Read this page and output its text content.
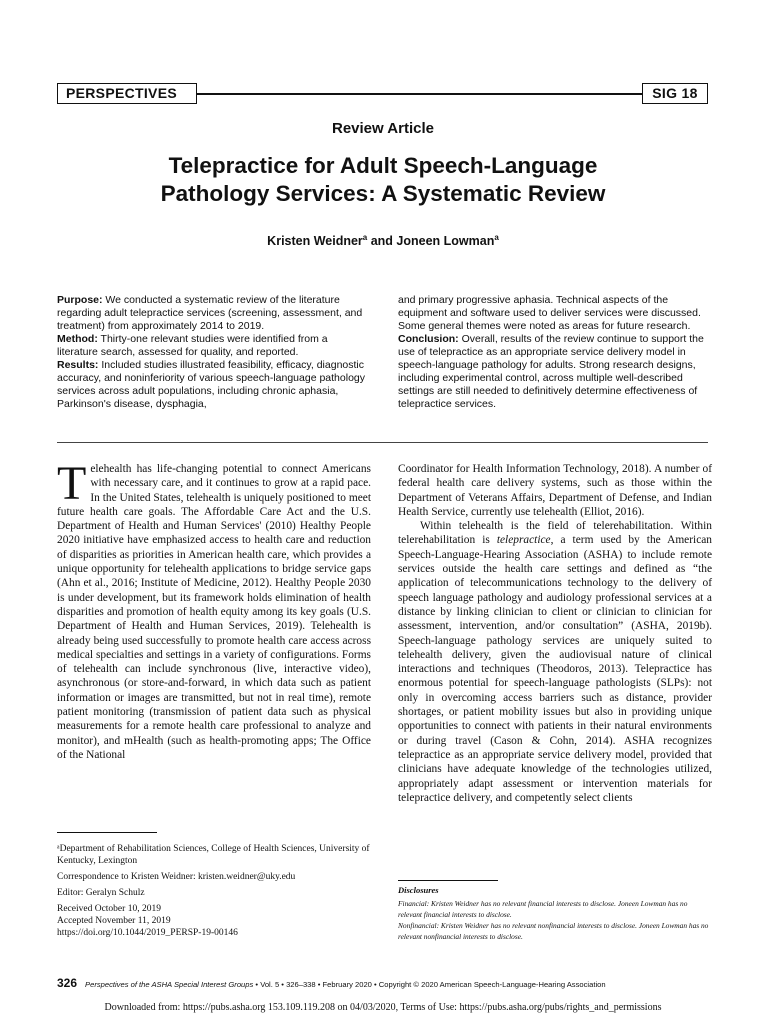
PERSPECTIVES	SIG 18
Review Article
Telepractice for Adult Speech-Language
Pathology Services: A Systematic Review
Kristen Weidner$^a$ and Joneen Lowman$^a$

Purpose: We conducted a systematic review of the literature regarding adult telepractice services (screening, assessment, and treatment) from approximately 2014 to 2019.

Method: Thirty-one relevant studies were identified from a literature search, assessed for quality, and reported.

Results: Included studies illustrated feasibility, efficacy, diagnostic accuracy, and noninferiority of various speech-language pathology services across adult populations, including chronic aphasia, Parkinson's disease, dysphagia,

and primary progressive aphasia. Technical aspects of the equipment and software used to deliver services were discussed. Some general themes were noted as areas for future research.

Conclusion: Overall, results of the review continue to support the use of telepractice as an appropriate service delivery model in speech-language pathology for adults. Strong research designs, including experimental control, across multiple well-described settings are still needed to definitively determine effectiveness of telepractice services.

Telehealth has life-changing potential to connect Americans with necessary care, and it continues to grow at a rapid pace. In the United States, telehealth is uniquely positioned to meet future health care goals. The Affordable Care Act and the U.S. Department of Health and Human Services' (2010) Healthy People 2020 initiative have emphasized access to health care and reduction of disparities as priorities in American health care, which provides a unique opportunity for telehealth applications to bridge service gaps (Ahn et al., 2016; Institute of Medicine, 2012). Healthy People 2030 is under development, but its framework holds elimination of health disparities and promotion of health equity among its key goals (U.S. Department of Health and Human Services, 2019). Telehealth is already being used successfully to promote health care access across medical specialties and settings in a variety of configurations. Forms of telehealth can include synchronous (live, interactive video), asynchronous (or store-and-forward, in which data such as patient information or images are transmitted, but not in real time), remote patient monitoring (transmission of patient data such as physical measurements for a remote health care professional to analyze and monitor), and mHealth (such as health-promoting apps; The Office of the National

Coordinator for Health Information Technology, 2018). A number of federal health care delivery systems, such as those within the Department of Veterans Affairs, Department of Defense, and Indian Health Service, currently use telehealth (Elliot, 2016).

Within telehealth is the field of telerehabilitation. Within telerehabilitation is telepractice, a term used by the American Speech-Language-Hearing Association (ASHA) to include remote services outside the health care settings and defined as “the application of telecommunications technology to the delivery of speech language pathology and audiology professional services at a distance by linking clinician to client or clinician to clinician for assessment, intervention, and/or consultation” (ASHA, 2019b). Speech-language pathology services are uniquely suited to telehealth delivery, given the audiovisual nature of clinical interactions and techniques (Theodoros, 2013). Telepractice has enormous potential for speech-language pathologists (SLPs): not only in overcoming access barriers such as distance, provider shortages, or patient mobility issues but also in providing unique opportunities to connect with patients in their natural environments or during travel (Cason & Cohn, 2014). ASHA recognizes telepractice as an appropriate service delivery model, provided that clinicians have adequate knowledge of the technologies utilized, appropriately adapt assessment or intervention materials for telepractice delivery, and competently select clients

ᵃDepartment of Rehabilitation Sciences, College of Health Sciences, University of Kentucky, Lexington

Correspondence to Kristen Weidner: kristen.weidner@uky.edu

Editor: Geralyn Schulz

Received October 10, 2019

Accepted November 11, 2019

https://doi.org/10.1044/2019_PERSP-19-00146

Disclosures
Financial: Kristen Weidner has no relevant financial interests to disclose. Joneen Lowman has no relevant financial interests to disclose.
Nonfinancial: Kristen Weidner has no relevant nonfinancial interests to disclose. Joneen Lowman has no relevant nonfinancial interests to disclose.
326 Perspectives of the ASHA Special Interest Groups • Vol. 5 • 326–338 • February 2020 • Copyright © 2020 American Speech-Language-Hearing Association
Downloaded from: https://pubs.asha.org 153.109.119.208 on 04/03/2020, Terms of Use: https://pubs.asha.org/pubs/rights_and_permissions
